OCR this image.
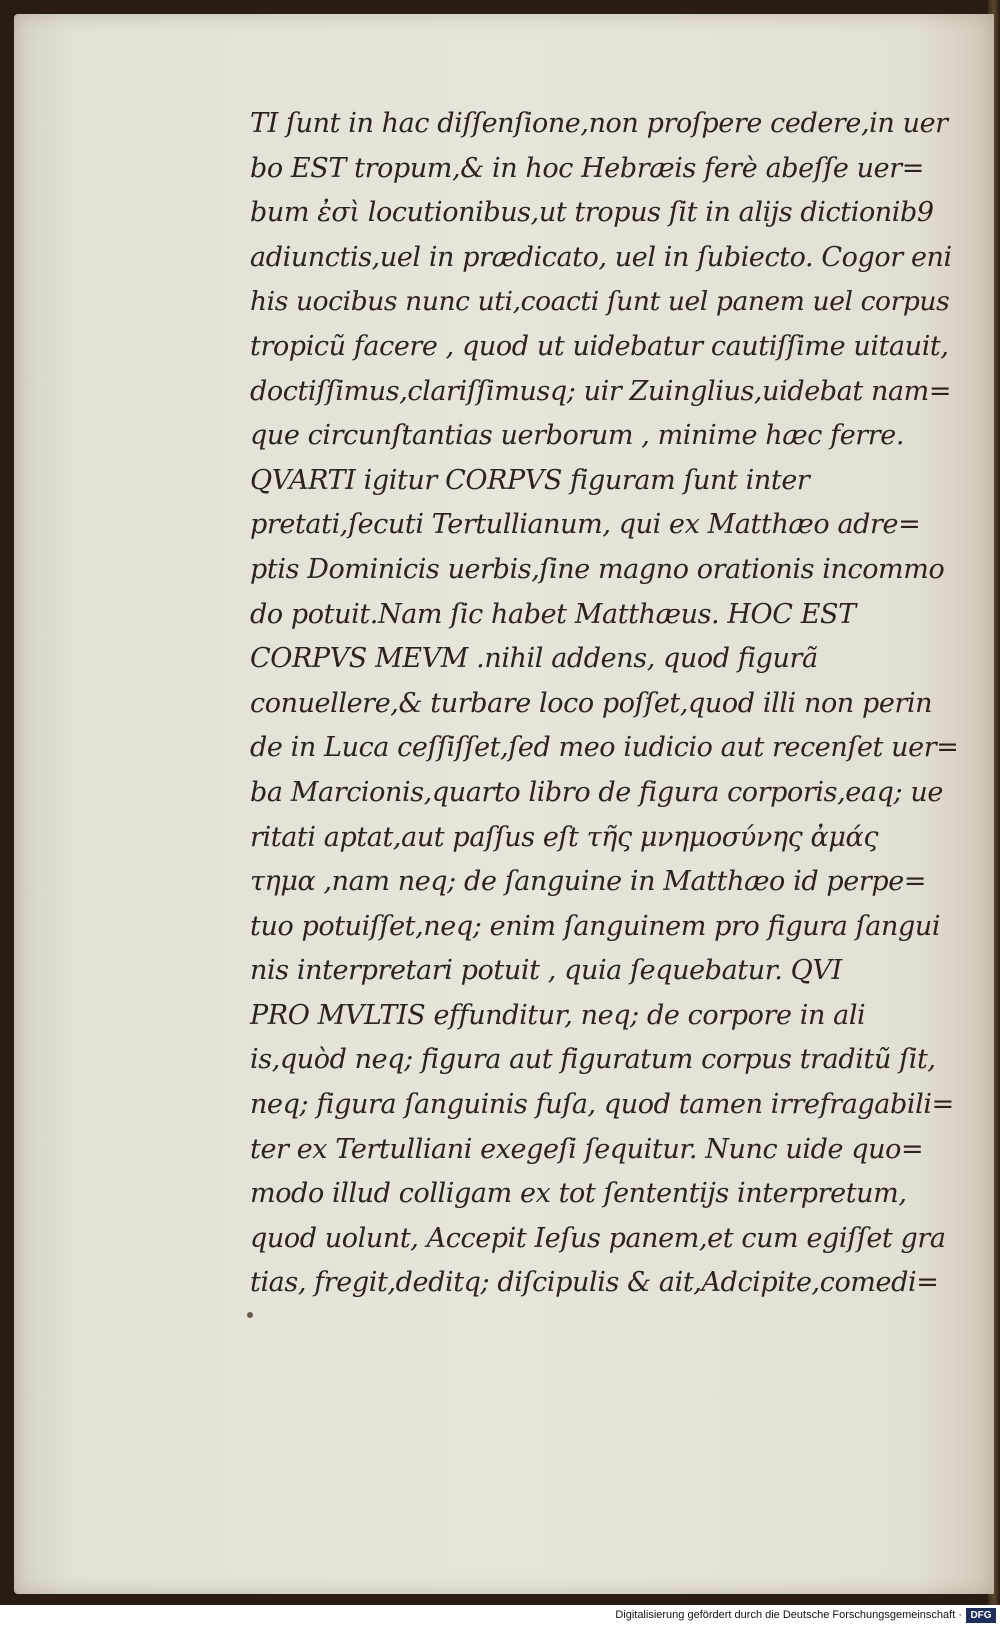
TI ſunt in hac diſſenſione,non proſpere cedere,in uer
bo EST tropum,& in hoc Hebræis ferè abeſſe uer=
bum ἐσὶ locutionibus,ut tropus ſit in alijs dictionib9
adiunctis,uel in prædicato, uel in ſubiecto. Cogor eni
his uocibus nunc uti,coacti ſunt uel panem uel corpus
tropicũ facere , quod ut uidebatur cautiſſime uitauit,
doctiſſimus,clariſſimusq; uir Zuinglius,uidebat nam=
que circunſtantias uerborum , minime hæc ferre.
QVARTI igitur CORPVS figuram ſunt inter
pretati,ſecuti Tertullianum, qui ex Matthæo adre=
ptis Dominicis uerbis,ſine magno orationis incommo
do potuit.Nam ſic habet Matthæus. HOC EST
CORPVS MEVM .nihil addens, quod figurã
conuellere,& turbare loco poſſet,quod illi non perin
de in Luca ceſſiſſet,ſed meo iudicio aut recenſet uer=
ba Marcionis,quarto libro de figura corporis,eaq; ue
ritati aptat,aut paſſus eſt τῆς μνημοσύνης ἀμάς
τημα ,nam neq; de ſanguine in Matthæo id perpe=
tuo potuiſſet,neq; enim ſanguinem pro figura ſangui
nis interpretari potuit , quia ſequebatur. QVI
PRO MVLTIS effunditur, neq; de corpore in ali
is,quòd neq; figura aut figuratum corpus traditũ ſit,
neq; figura ſanguinis fuſa, quod tamen irrefragabili=
ter ex Tertulliani exegeſi ſequitur. Nunc uide quo=
modo illud colligam ex tot ſententijs interpretum,
quod uolunt, Accepit Ieſus panem,et cum egiſſet gra
tias, fregit,deditq; diſcipulis & ait,Adcipite,comedi=
Digitalisierung gefördert durch die Deutsche Forschungsgemeinschaft · DFG
